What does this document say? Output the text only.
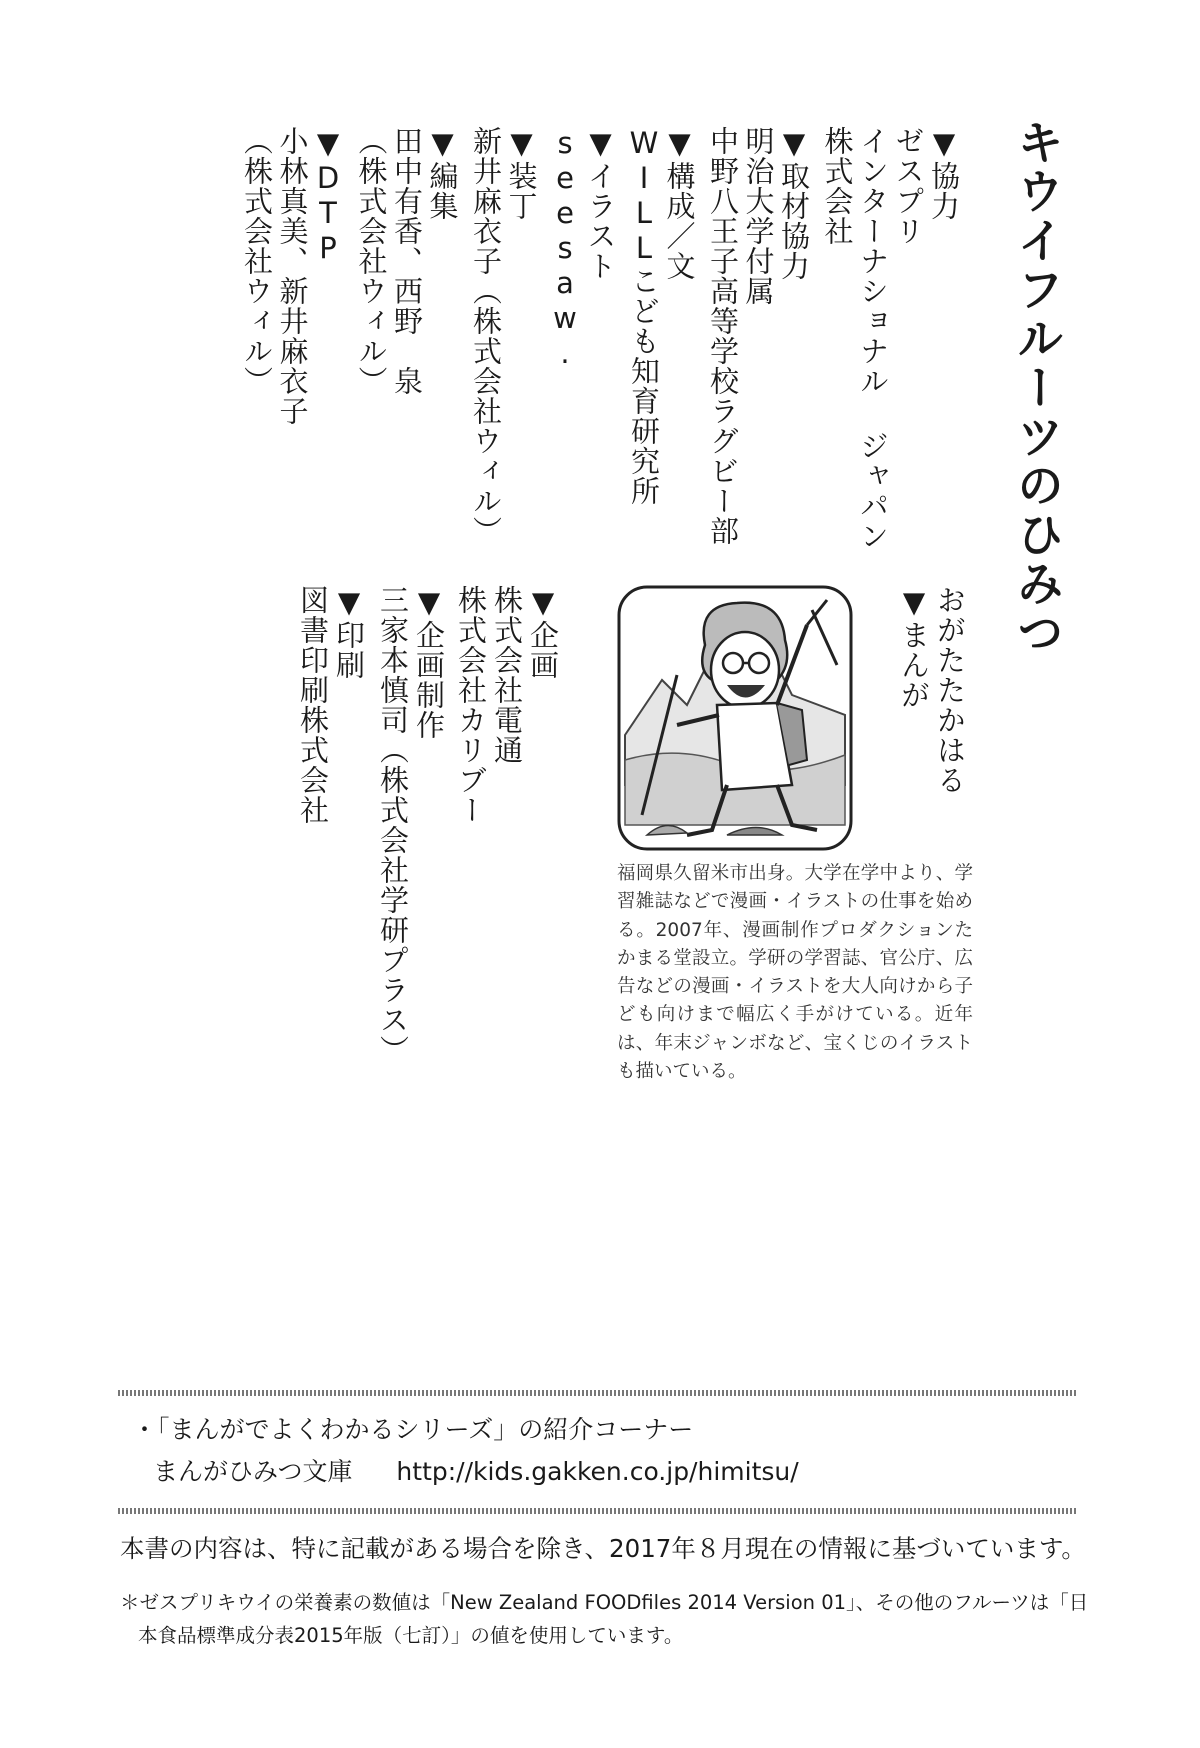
キウイフルーツのひみつ
▼ 協力
ゼスプリ
インターナショナル ジャパン
株式会社
▼ 取材協力
明治大学付属
中野八王子高等学校ラグビー部
▼ 構成／文
WILLこども知育研究所
▼ イラスト
seesaw.
▼ 装丁
新井麻衣子（株式会社ウィル）
▼ 編集
田中有香、西野　泉
（株式会社ウィル）
▼ DTP
小林真美、新井麻衣子
（株式会社ウィル）
▼ まんが おがたたかはる
▼ 企画
株式会社電通
株式会社カリブー
▼ 企画制作
三家本慎司（株式会社学研プラス）
▼ 印刷
図書印刷株式会社
福岡県久留米市出身。大学在学中より、学習雑誌などで漫画・イラストの仕事を始める。2007年、漫画制作プロダクションたかまる堂設立。学研の学習誌、官公庁、広告などの漫画・イラストを大人向けから子ども向けまで幅広く手がけている。近年は、年末ジャンボなど、宝くじのイラストも描いている。
・「まんがでよくわかるシリーズ」の紹介コーナー
まんがひみつ文庫 http://kids.gakken.co.jp/himitsu/
本書の内容は、特に記載がある場合を除き、2017年８月現在の情報に基づいています。
＊ゼスプリキウイの栄養素の数値は「New Zealand FOODfiles 2014 Version 01」、その他のフルーツは「日
本食品標準成分表2015年版（七訂）」の値を使用しています。
